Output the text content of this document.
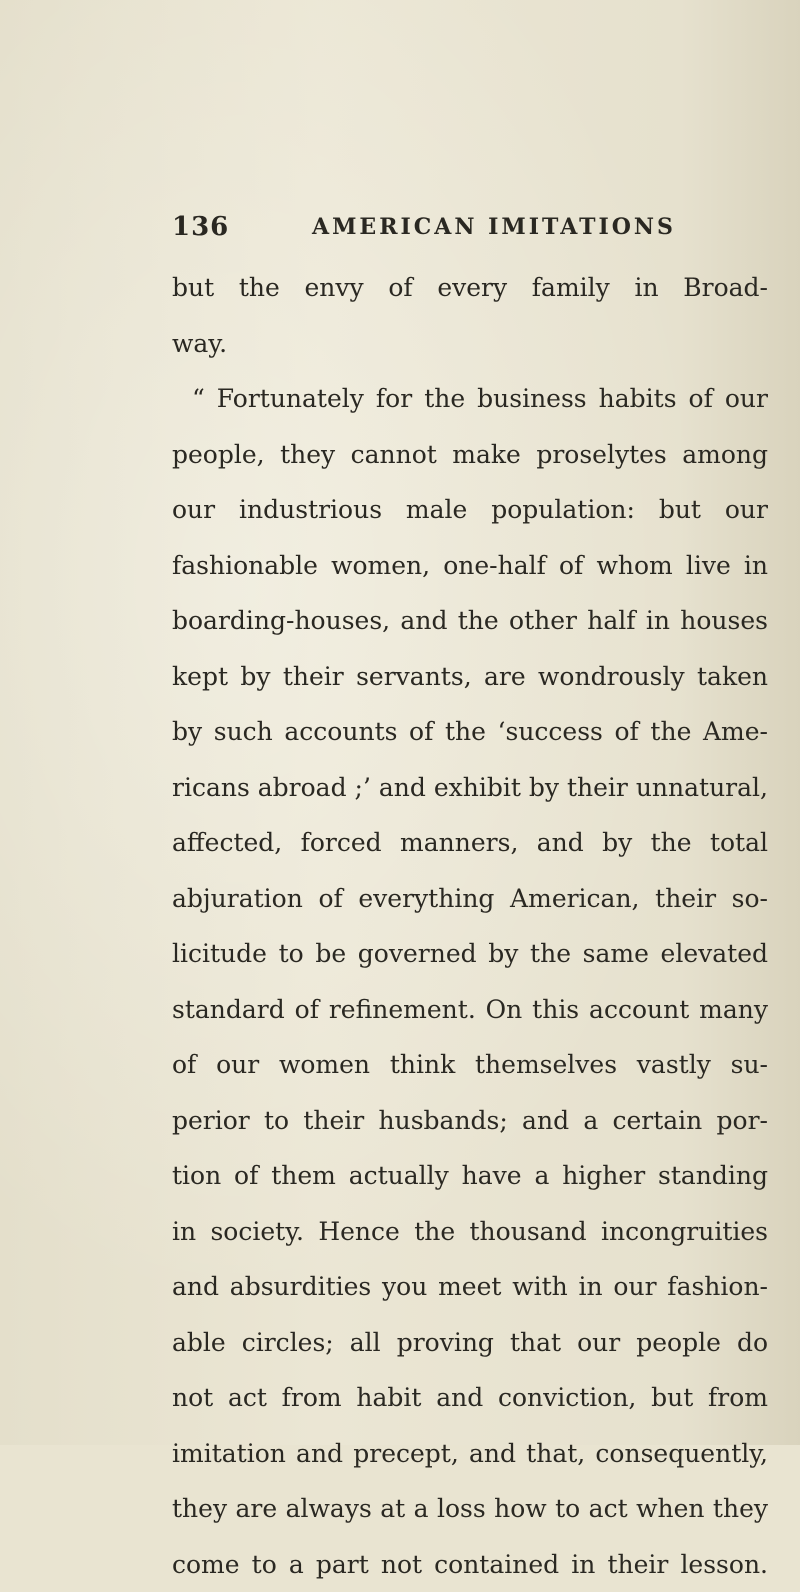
136	AMERICAN IMITATIONS
but the envy of every family in Broad-
way.
“ Fortunately for the business habits of our
people, they cannot make proselytes among
our industrious male population: but our
fashionable women, one-half of whom live in
boarding-houses, and the other half in houses
kept by their servants, are wondrously taken
by such accounts of the ‘success of the Ame-
ricans abroad ;’ and exhibit by their unnatural,
affected, forced manners, and by the total
abjuration of everything American, their so-
licitude to be governed by the same elevated
standard of refinement. On this account many
of our women think themselves vastly su-
perior to their husbands; and a certain por-
tion of them actually have a higher standing
in society. Hence the thousand incongruities
and absurdities you meet with in our fashion-
able circles; all proving that our people do
not act from habit and conviction, but from
imitation and precept, and that, consequently,
they are always at a loss how to act when they
come to a part not contained in their lesson.
